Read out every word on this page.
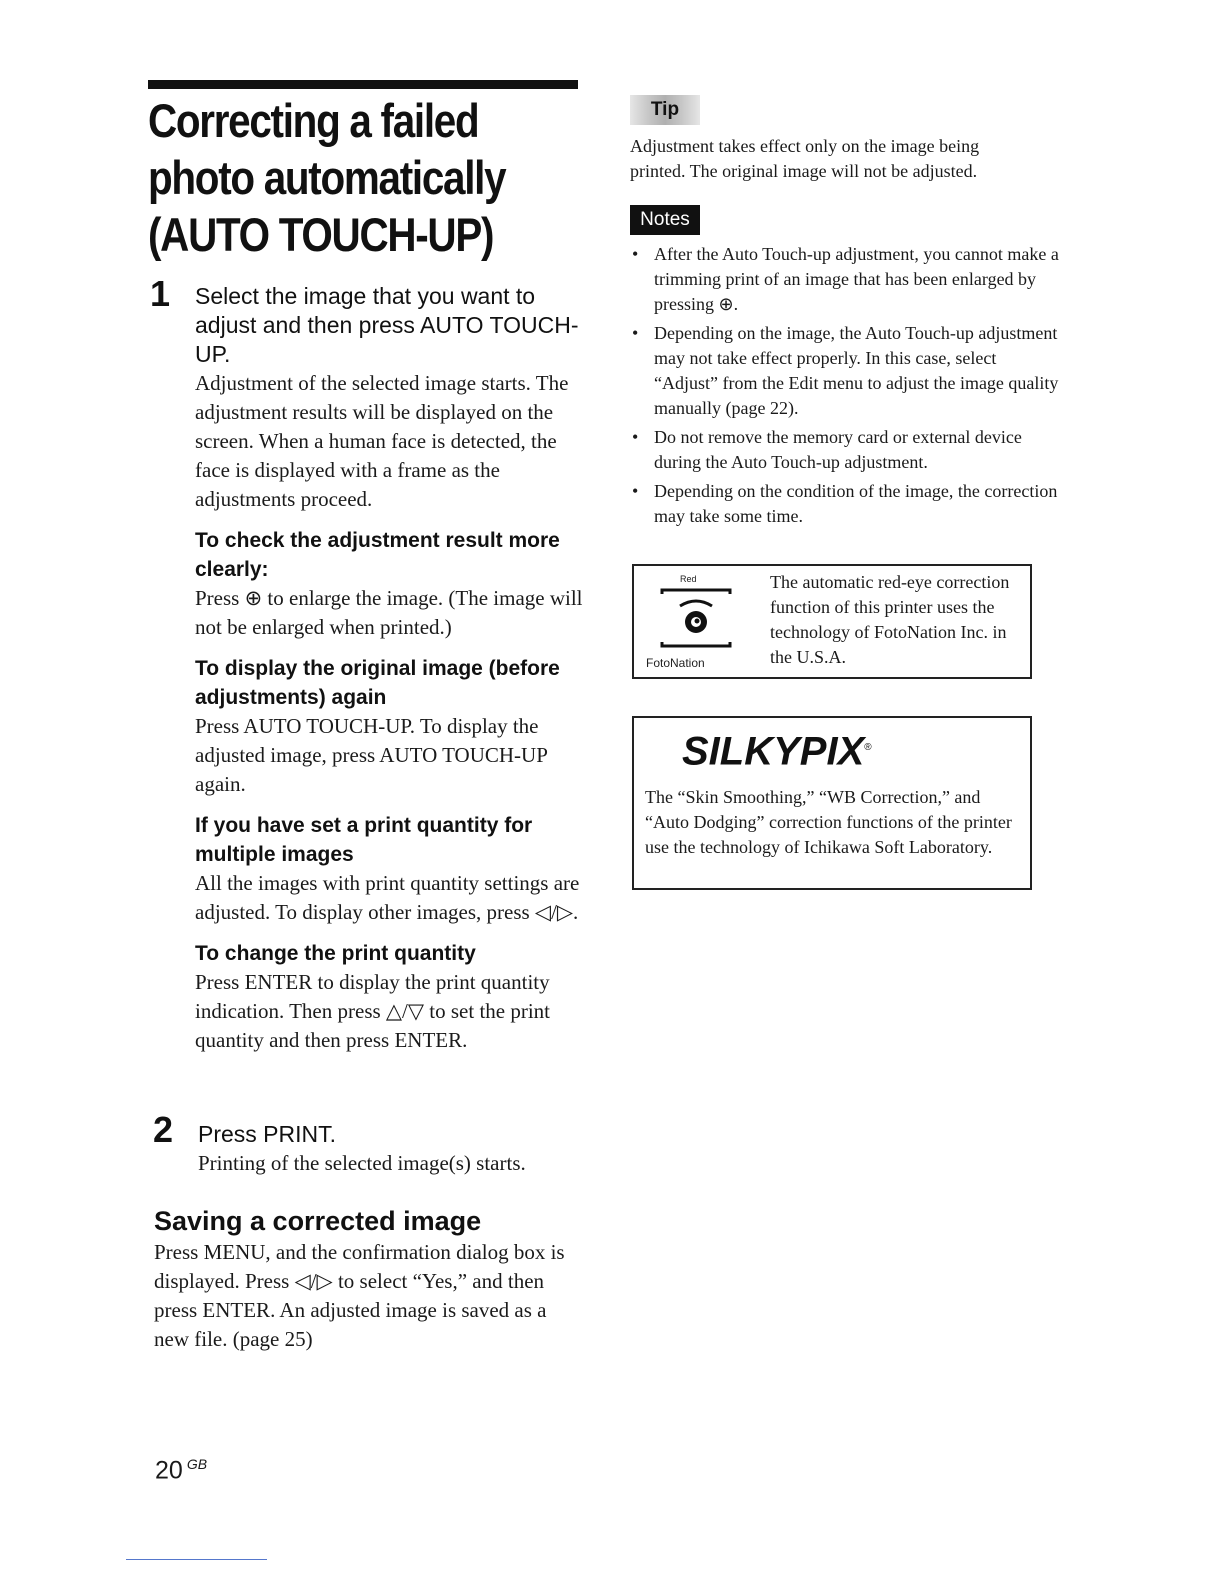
Correcting a failed photo automatically (AUTO TOUCH-UP)
1 Select the image that you want to adjust and then press AUTO TOUCH-UP.

Adjustment of the selected image starts. The adjustment results will be displayed on the screen. When a human face is detected, the face is displayed with a frame as the adjustments proceed.

To check the adjustment result more clearly:

Press ⊕ to enlarge the image. (The image will not be enlarged when printed.)

To display the original image (before adjustments) again

Press AUTO TOUCH-UP. To display the adjusted image, press AUTO TOUCH-UP again.

If you have set a print quantity for multiple images

All the images with print quantity settings are adjusted. To display other images, press ◁/▷.

To change the print quantity

Press ENTER to display the print quantity indication. Then press △/▽ to set the print quantity and then press ENTER.

2 Press PRINT.

Printing of the selected image(s) starts.

Saving a corrected image

Press MENU, and the confirmation dialog box is displayed. Press ◁/▷ to select “Yes,” and then press ENTER. An adjusted image is saved as a new file. (page 25)

Tip

Adjustment takes effect only on the image being printed. The original image will not be adjusted.

Notes
• After the Auto Touch-up adjustment, you cannot make a trimming print of an image that has been enlarged by pressing ⊕.
• Depending on the image, the Auto Touch-up adjustment may not take effect properly. In this case, select “Adjust” from the Edit menu to adjust the image quality manually (page 22).
• Do not remove the memory card or external device during the Auto Touch-up adjustment.
• Depending on the condition of the image, the correction may take some time.
Red
FotoNation

The automatic red-eye correction function of this printer uses the technology of FotoNation Inc. in the U.S.A.

SILKYPIX®

The “Skin Smoothing,” “WB Correction,” and “Auto Dodging” correction functions of the printer use the technology of Ichikawa Soft Laboratory.

20 $^{GB}$
